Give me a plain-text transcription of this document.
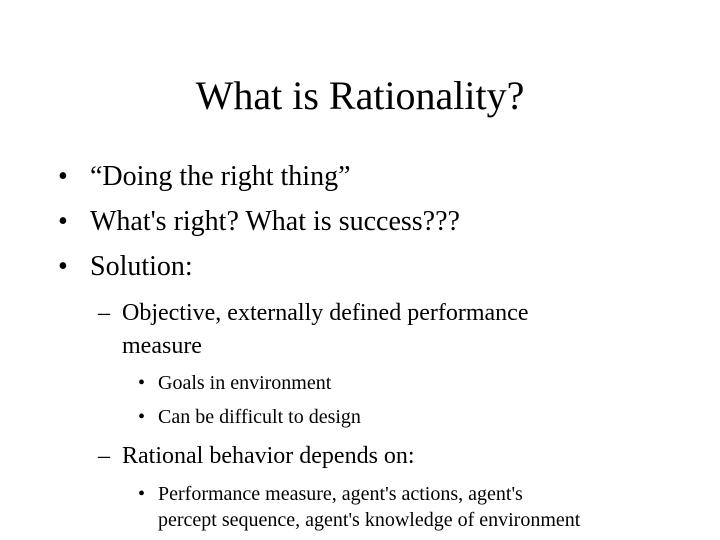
What is Rationality?
• “Doing the right thing”
• What's right? What is success???
• Solution:
– Objective, externally defined performance
measure
• Goals in environment
• Can be difficult to design
– Rational behavior depends on:
• Performance measure, agent's actions, agent's
percept sequence, agent's knowledge of environment
